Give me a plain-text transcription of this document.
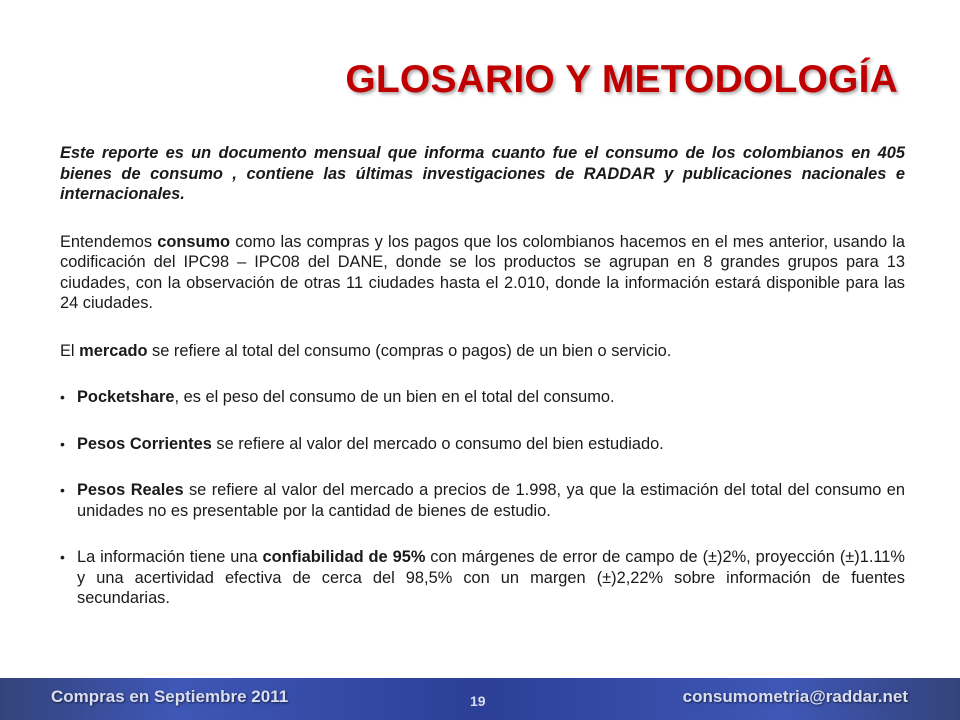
GLOSARIO Y METODOLOGÍA

Este reporte es un documento mensual que informa cuanto fue el consumo de los colombianos en 405 bienes de consumo , contiene las últimas investigaciones de RADDAR y publicaciones nacionales e internacionales.

Entendemos consumo como las compras y los pagos que los colombianos hacemos en el mes anterior, usando la codificación del IPC98 – IPC08 del DANE, donde se los productos se agrupan en 8 grandes grupos para 13 ciudades, con la observación de otras 11 ciudades hasta el 2.010, donde la información estará disponible para las 24 ciudades.

El mercado se refiere al total del consumo (compras o pagos) de un bien o servicio.

• Pocketshare, es el peso del consumo de un bien en el total del consumo.
• Pesos Corrientes se refiere al valor del mercado o consumo del bien estudiado.
• Pesos Reales se refiere al valor del mercado a precios de 1.998, ya que la estimación del total del consumo en unidades no es presentable por la cantidad de bienes de estudio.
• La información tiene una confiabilidad de 95% con márgenes de error de campo de (±)2%, proyección (±)1.11% y una acertividad efectiva de cerca del 98,5% con un margen (±)2,22% sobre información de fuentes secundarias.
Compras en Septiembre 2011	19	consumometria@raddar.net
